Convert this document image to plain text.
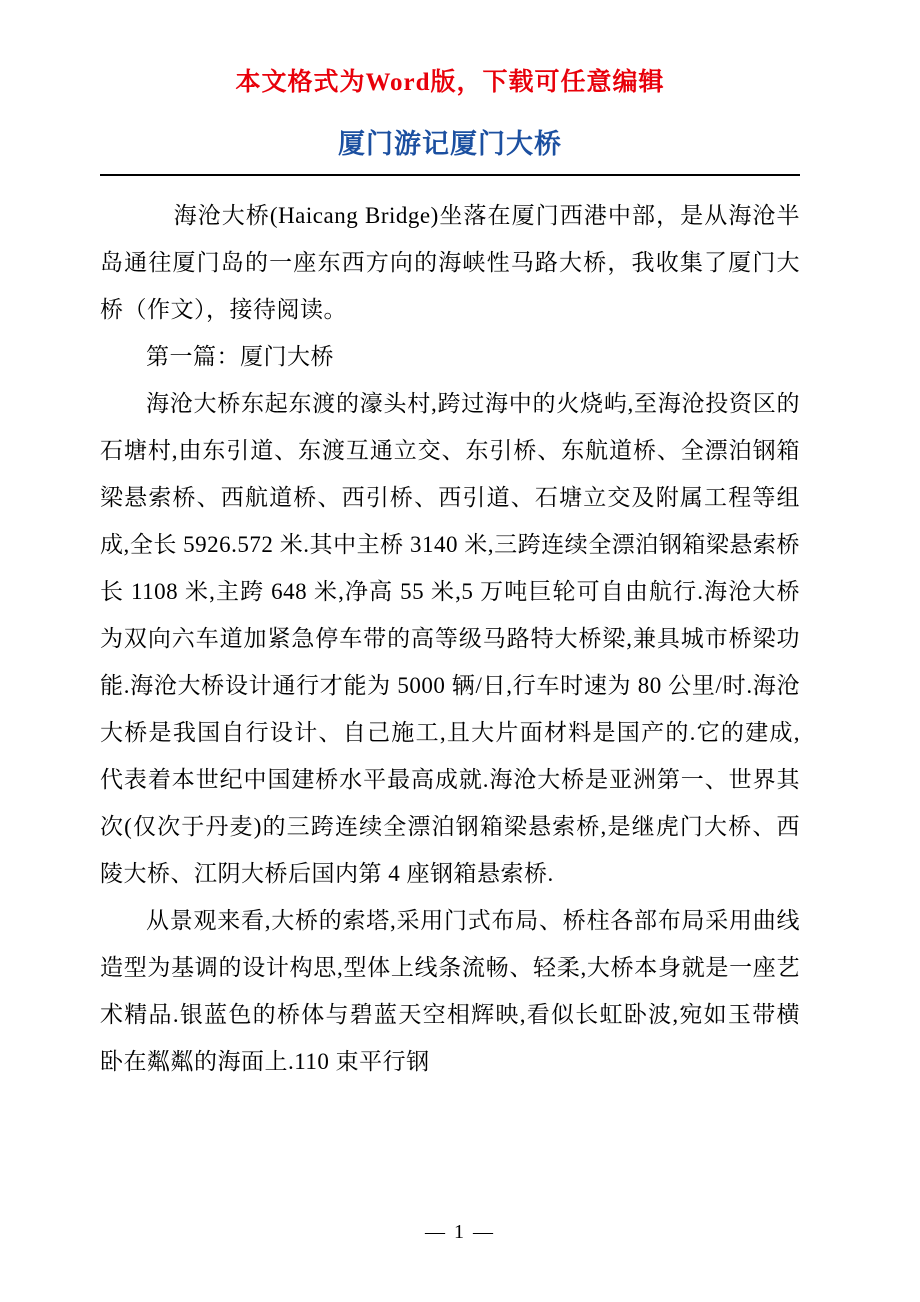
本文格式为Word版，下载可任意编辑
厦门游记厦门大桥

海沧大桥(Haicang Bridge)坐落在厦门西港中部，是从海沧半岛通往厦门岛的一座东西方向的海峡性马路大桥，我收集了厦门大桥（作文），接待阅读。

第一篇：厦门大桥

海沧大桥东起东渡的濠头村,跨过海中的火烧屿,至海沧投资区的石塘村,由东引道、东渡互通立交、东引桥、东航道桥、全漂泊钢箱梁悬索桥、西航道桥、西引桥、西引道、石塘立交及附属工程等组成,全长 5926.572 米.其中主桥 3140 米,三跨连续全漂泊钢箱梁悬索桥长 1108 米,主跨 648 米,净高 55 米,5 万吨巨轮可自由航行.海沧大桥为双向六车道加紧急停车带的高等级马路特大桥梁,兼具城市桥梁功能.海沧大桥设计通行才能为 5000 辆/日,行车时速为 80 公里/时.海沧大桥是我国自行设计、自己施工,且大片面材料是国产的.它的建成,代表着本世纪中国建桥水平最高成就.海沧大桥是亚洲第一、世界其次(仅次于丹麦)的三跨连续全漂泊钢箱梁悬索桥,是继虎门大桥、西陵大桥、江阴大桥后国内第 4 座钢箱悬索桥.

从景观来看,大桥的索塔,采用门式布局、桥柱各部布局采用曲线造型为基调的设计构思,型体上线条流畅、轻柔,大桥本身就是一座艺术精品.银蓝色的桥体与碧蓝天空相辉映,看似长虹卧波,宛如玉带横卧在粼粼的海面上.110 束平行钢

— 1 —
